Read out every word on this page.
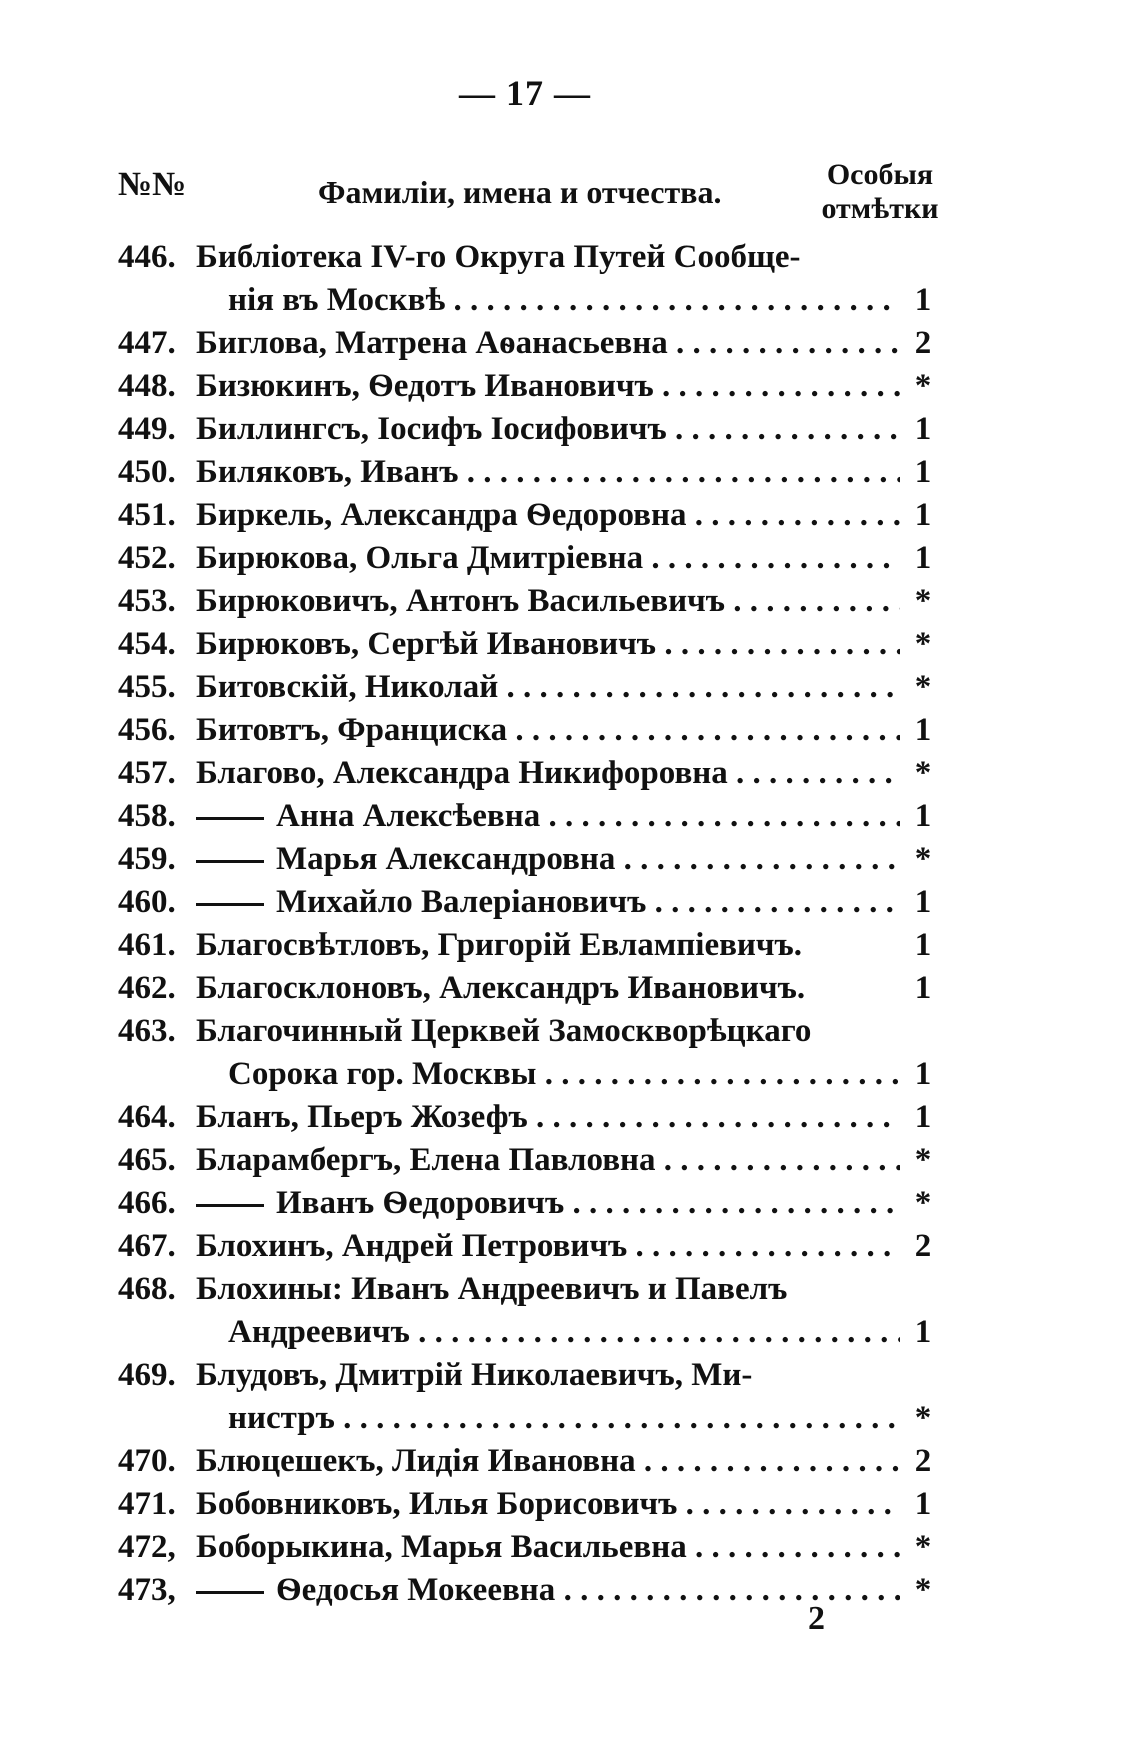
— 17 —
№№	Фамиліи, имена и отчества.	Особыя
отмѣтки
446. Библіотека IV-го Округа Путей Сообще-
нія въ Москвѣ . . .	1
447. Биглова, Матрена Аѳанасьевна . . .	2
448. Бизюкинъ, Ѳедотъ Ивановичъ . . .	*
449. Биллингсъ, Іосифъ Іосифовичъ . . .	1
450. Биляковъ, Иванъ . . .	1
451. Биркель, Александра Ѳедоровна . . .	1
452. Бирюкова, Ольга Дмитріевна . . .	1
453. Бирюковичъ, Антонъ Васильевичъ . . .	*
454. Бирюковъ, Сергѣй Ивановичъ . . .	*
455. Битовскій, Николай . . .	*
456. Битовтъ, Франциска . . .	1
457. Благово, Александра Никифоровна . . .	*
458.	Анна Алексѣевна . . .	1
459.	Марья Александровна . . .	*
460.	Михайло Валеріановичъ . . .	1
461. Благосвѣтловъ, Григорій Евлампіевичъ.	1
462. Благосклоновъ, Александръ Ивановичъ.	1
463. Благочинный Церквей Замоскворѣцкаго
Сорока гор. Москвы . . .	1
464. Бланъ, Пьеръ Жозефъ . . .	1
465. Бларамбергъ, Елена Павловна . . .	*
466.	Иванъ Ѳедоровичъ . . .	*
467. Блохинъ, Андрей Петровичъ . . .	2
468. Блохины: Иванъ Андреевичъ и Павелъ
Андреевичъ . . .	1
469. Блудовъ, Дмитрій Николаевичъ, Ми-
нистръ . . .	*
470. Блюцешекъ, Лидія Ивановна . . .	2
471. Бобовниковъ, Илья Борисовичъ . . .	1
472, Боборыкина, Марья Васильевна . . .	*
473,	Ѳедосья Мокеевна . . .	*
2
